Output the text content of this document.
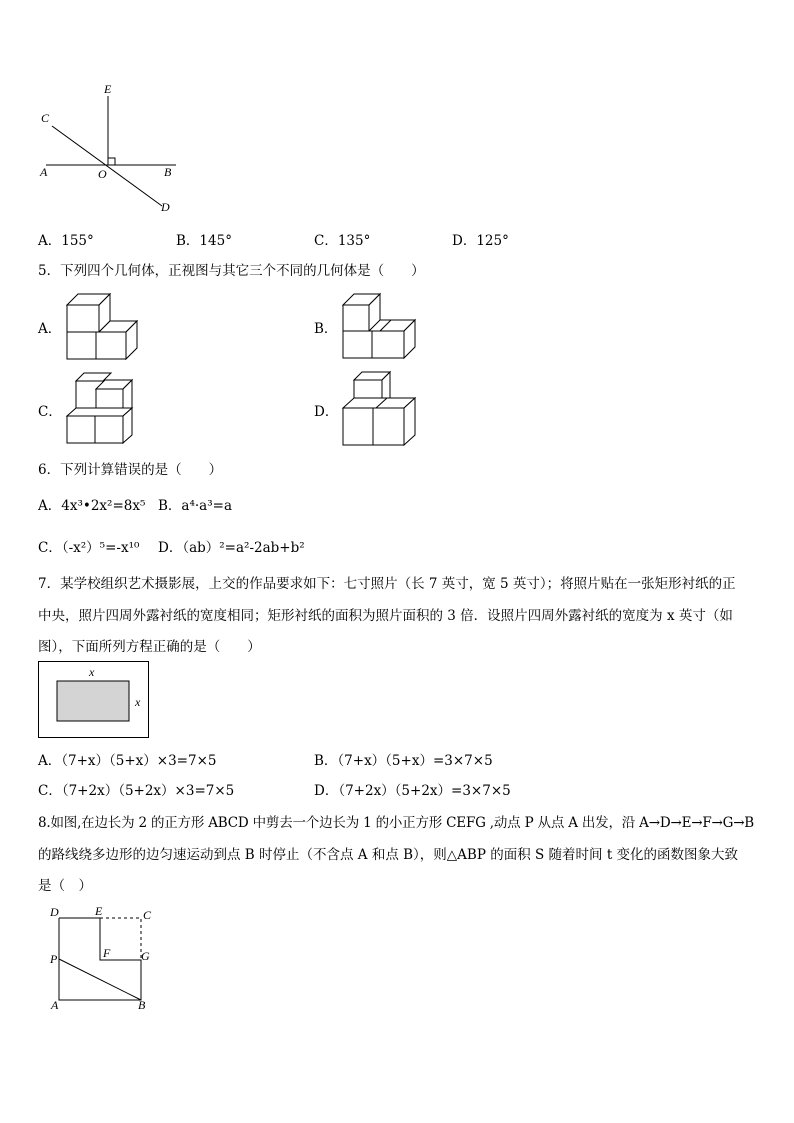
E
C
A	O	B
D
A．155°	B．145°	C．135°	D．125°
5．下列四个几何体，正视图与其它三个不同的几何体是（　　）
A．	B．
C．	D．
6．下列计算错误的是（　　）
A．4x³•2x²=8x⁵ B．a⁴·a³=a
C．（-x²）⁵=-x¹⁰ D．（ab）²=a²-2ab+b²
7．某学校组织艺术摄影展，上交的作品要求如下：七寸照片（长 7 英寸，宽 5 英寸）；将照片贴在一张矩形衬纸的正
中央，照片四周外露衬纸的宽度相同；矩形衬纸的面积为照片面积的 3 倍．设照片四周外露衬纸的宽度为 x 英寸（如
图），下面所列方程正确的是（　　）
x
x
A．（7+x）（5+x）×3=7×5	B．（7+x）（5+x）=3×7×5
C．（7+2x）（5+2x）×3=7×5	D．（7+2x）（5+2x）=3×7×5
8.如图,在边长为 2 的正方形 ABCD 中剪去一个边长为 1 的小正方形 CEFG ,动点 P 从点 A 出发，沿 A→D→E→F→G→B
的路线绕多边形的边匀速运动到点 B 时停止（不含点 A 和点 B），则△ABP 的面积 S 随着时间 t 变化的函数图象大致
是（　）
D	E	C
F	G
P
A	B
